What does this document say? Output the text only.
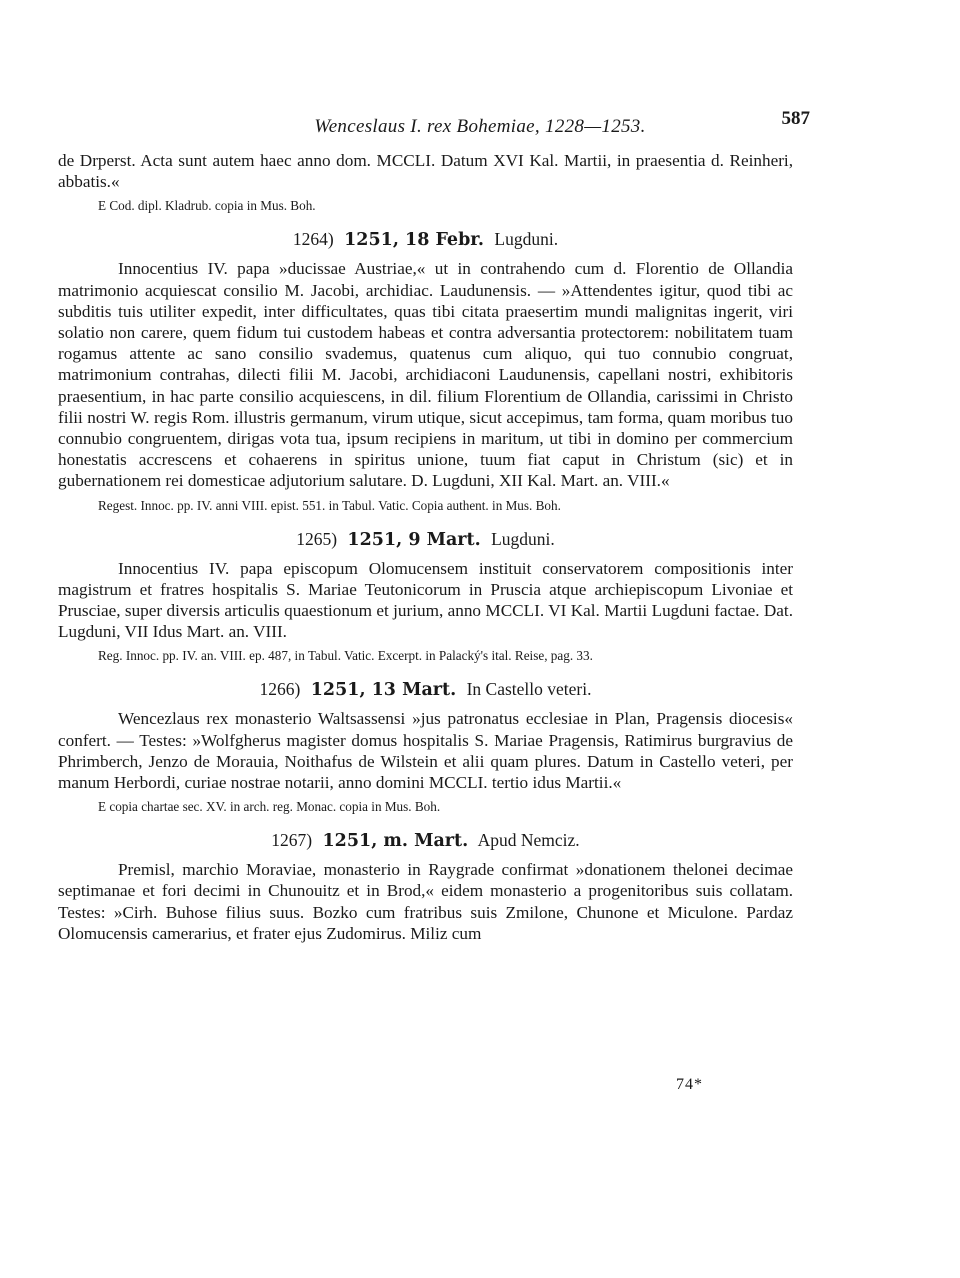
Wenceslaus I. rex Bohemiae, 1228—1253.	587

de Drperst. Acta sunt autem haec anno dom. MCCLI. Datum XVI Kal. Martii, in praesentia d. Reinheri, abbatis.«

E Cod. dipl. Kladrub. copia in Mus. Boh.

1264) 1251, 18 Febr. Lugduni.

Innocentius IV. papa »ducissae Austriae,« ut in contrahendo cum d. Florentio de Ollandia matrimonio acquiescat consilio M. Jacobi, archidiac. Laudunensis. — »Attendentes igitur, quod tibi ac subditis tuis utiliter expedit, inter difficultates, quas tibi citata praesertim mundi malignitas ingerit, viri solatio non carere, quem fidum tui custodem habeas et contra adversantia protectorem: nobilitatem tuam rogamus attente ac sano consilio svademus, quatenus cum aliquo, qui tuo connubio congruat, matrimonium contrahas, dilecti filii M. Jacobi, archidiaconi Laudunensis, capellani nostri, exhibitoris praesentium, in hac parte consilio acquiescens, in dil. filium Florentium de Ollandia, carissimi in Christo filii nostri W. regis Rom. illustris germanum, virum utique, sicut accepimus, tam forma, quam moribus tuo connubio congruentem, dirigas vota tua, ipsum recipiens in maritum, ut tibi in domino per commercium honestatis accrescens et cohaerens in spiritus unione, tuum fiat caput in Christum (sic) et in gubernationem rei domesticae adjutorium salutare. D. Lugduni, XII Kal. Mart. an. VIII.«

Regest. Innoc. pp. IV. anni VIII. epist. 551. in Tabul. Vatic. Copia authent. in Mus. Boh.

1265) 1251, 9 Mart. Lugduni.

Innocentius IV. papa episcopum Olomucensem instituit conservatorem compositionis inter magistrum et fratres hospitalis S. Mariae Teutonicorum in Pruscia atque archiepiscopum Livoniae et Prusciae, super diversis articulis quaestionum et jurium, anno MCCLI. VI Kal. Martii Lugduni factae. Dat. Lugduni, VII Idus Mart. an. VIII.

Reg. Innoc. pp. IV. an. VIII. ep. 487, in Tabul. Vatic. Excerpt. in Palacký's ital. Reise, pag. 33.

1266) 1251, 13 Mart. In Castello veteri.

Wencezlaus rex monasterio Waltsassensi »jus patronatus ecclesiae in Plan, Pragensis diocesis« confert. — Testes: »Wolfgherus magister domus hospitalis S. Mariae Pragensis, Ratimirus burgravius de Phrimberch, Jenzo de Morauia, Noithafus de Wilstein et alii quam plures. Datum in Castello veteri, per manum Herbordi, curiae nostrae notarii, anno domini MCCLI. tertio idus Martii.«

E copia chartae sec. XV. in arch. reg. Monac. copia in Mus. Boh.

1267) 1251, m. Mart. Apud Nemciz.

Premisl, marchio Moraviae, monasterio in Raygrade confirmat »donationem thelonei decimae septimanae et fori decimi in Chunouitz et in Brod,« eidem monasterio a progenitoribus suis collatam. Testes: »Cirh. Buhose filius suus. Bozko cum fratribus suis Zmilone, Chunone et Miculone. Pardaz Olomucensis camerarius, et frater ejus Zudomirus. Miliz cum

74*
